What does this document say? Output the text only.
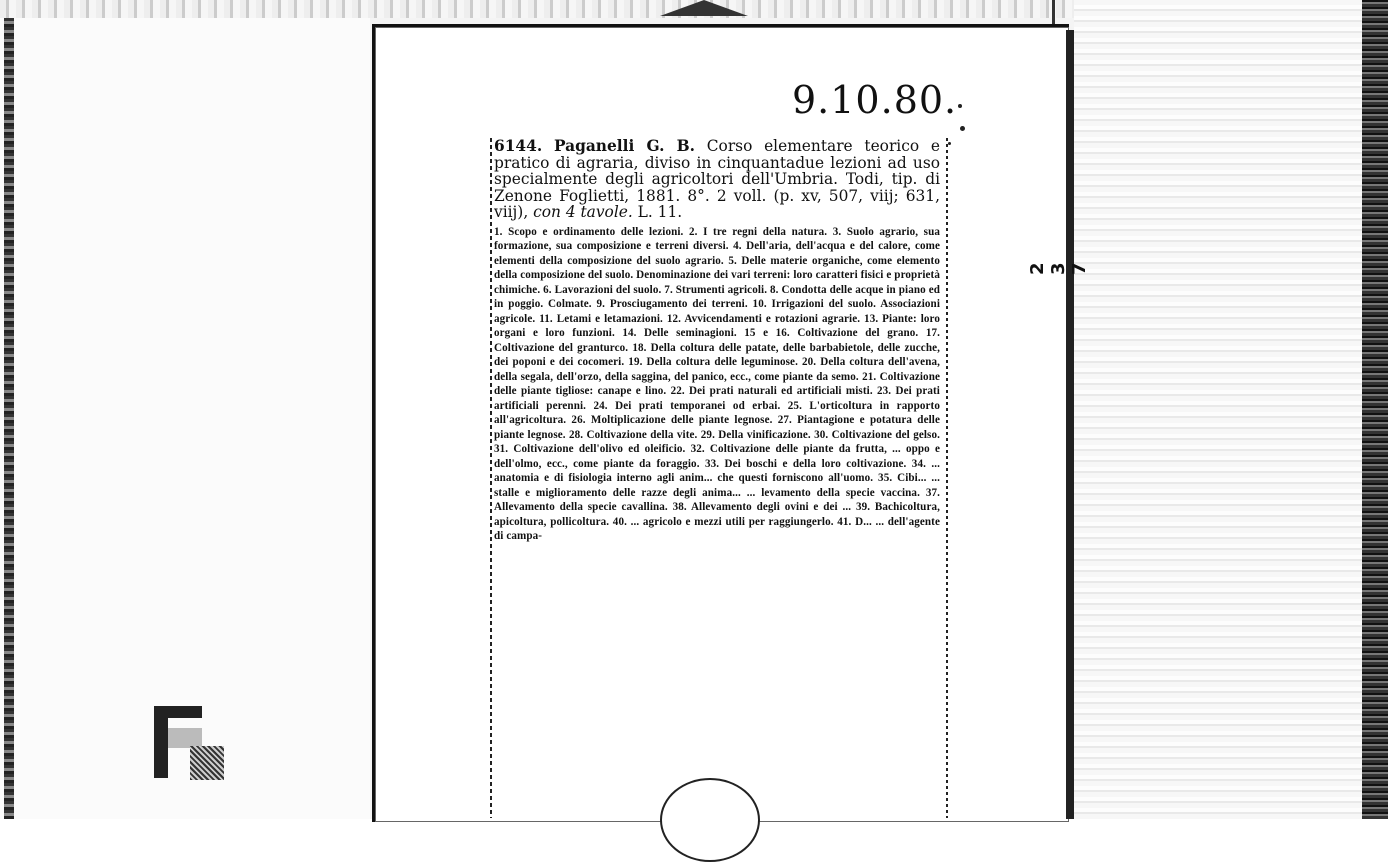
9.10.80.
2 3 7

6144. Paganelli G. B. Corso elementare teorico e pratico di agraria, diviso in cinquantadue lezioni ad uso specialmente degli agricoltori dell'Umbria. Todi, tip. di Zenone Foglietti, 1881. 8°. 2 voll. (p. xv, 507, viij; 631, viij), con 4 tavole. L. 11.

1. Scopo e ordinamento delle lezioni. 2. I tre regni della natura. 3. Suolo agrario, sua formazione, sua composizione e terreni diversi. 4. Dell'aria, dell'acqua e del calore, come elementi della composizione del suolo agrario. 5. Delle materie organiche, come elemento della composizione del suolo. Denominazione dei vari terreni: loro caratteri fisici e proprietà chimiche. 6. Lavorazioni del suolo. 7. Strumenti agricoli. 8. Condotta delle acque in piano ed in poggio. Colmate. 9. Prosciugamento dei terreni. 10. Irrigazioni del suolo. Associazioni agricole. 11. Letami e letamazioni. 12. Avvicendamenti e rotazioni agrarie. 13. Piante: loro organi e loro funzioni. 14. Delle seminagioni. 15 e 16. Coltivazione del grano. 17. Coltivazione del granturco. 18. Della coltura delle patate, delle barbabietole, delle zucche, dei poponi e dei cocomeri. 19. Della coltura delle leguminose. 20. Della coltura dell'avena, della segala, dell'orzo, della saggina, del panico, ecc., come piante da semo. 21. Coltivazione delle piante tigliose: canape e lino. 22. Dei prati naturali ed artificiali misti. 23. Dei prati artificiali perenni. 24. Dei prati temporanei od erbai. 25. L'orticoltura in rapporto all'agricoltura. 26. Moltiplicazione delle piante legnose. 27. Piantagione e potatura delle piante legnose. 28. Coltivazione della vite. 29. Della vinificazione. 30. Coltivazione del gelso. 31. Coltivazione dell'olivo ed oleificio. 32. Coltivazione delle piante da frutta, ... oppo e dell'olmo, ecc., come piante da foraggio. 33. Dei boschi e della loro coltivazione. 34. ... anatomia e di fisiologia interno agli anim... che questi forniscono all'uomo. 35. Cibi... ... stalle e miglioramento delle razze degli anima... ... levamento della specie vaccina. 37. Allevamento della specie cavallina. 38. Allevamento degli ovini e dei ... 39. Bachicoltura, apicoltura, pollicoltura. 40. ... agricolo e mezzi utili per raggiungerlo. 41. D... ... dell'agente di campa-
